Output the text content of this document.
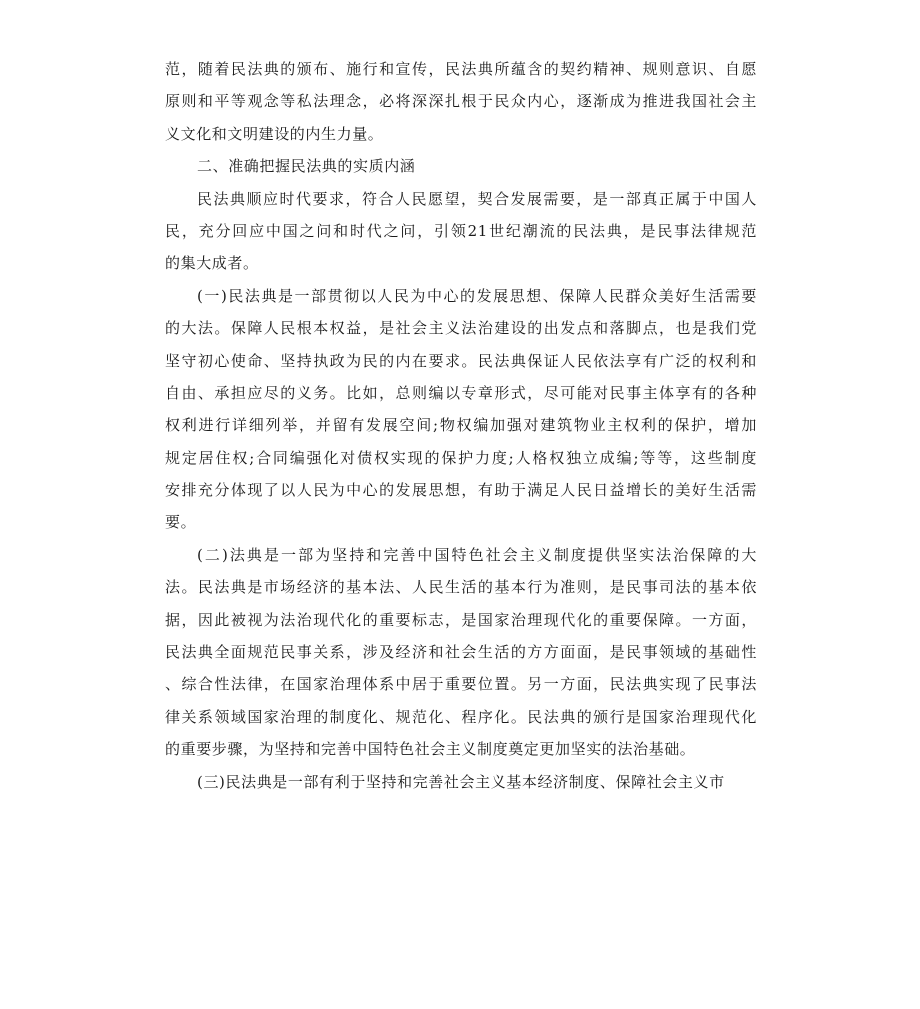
范，随着民法典的颁布、施行和宣传，民法典所蕴含的契约精神、规则意识、自愿
原则和平等观念等私法理念，必将深深扎根于民众内心，逐渐成为推进我国社会主
义文化和文明建设的内生力量。

二、准确把握民法典的实质内涵

民法典顺应时代要求，符合人民愿望，契合发展需要，是一部真正属于中国人
民，充分回应中国之问和时代之问，引领21世纪潮流的民法典，是民事法律规范
的集大成者。

(一)民法典是一部贯彻以人民为中心的发展思想、保障人民群众美好生活需要
的大法。保障人民根本权益，是社会主义法治建设的出发点和落脚点，也是我们党
坚守初心使命、坚持执政为民的内在要求。民法典保证人民依法享有广泛的权利和
自由、承担应尽的义务。比如，总则编以专章形式，尽可能对民事主体享有的各种
权利进行详细列举，并留有发展空间;物权编加强对建筑物业主权利的保护，增加
规定居住权;合同编强化对债权实现的保护力度;人格权独立成编;等等，这些制度
安排充分体现了以人民为中心的发展思想，有助于满足人民日益增长的美好生活需
要。

(二)法典是一部为坚持和完善中国特色社会主义制度提供坚实法治保障的大
法。民法典是市场经济的基本法、人民生活的基本行为准则，是民事司法的基本依
据，因此被视为法治现代化的重要标志，是国家治理现代化的重要保障。一方面，
民法典全面规范民事关系，涉及经济和社会生活的方方面面，是民事领域的基础性
、综合性法律，在国家治理体系中居于重要位置。另一方面，民法典实现了民事法
律关系领域国家治理的制度化、规范化、程序化。民法典的颁行是国家治理现代化
的重要步骤，为坚持和完善中国特色社会主义制度奠定更加坚实的法治基础。

(三)民法典是一部有利于坚持和完善社会主义基本经济制度、保障社会主义市
